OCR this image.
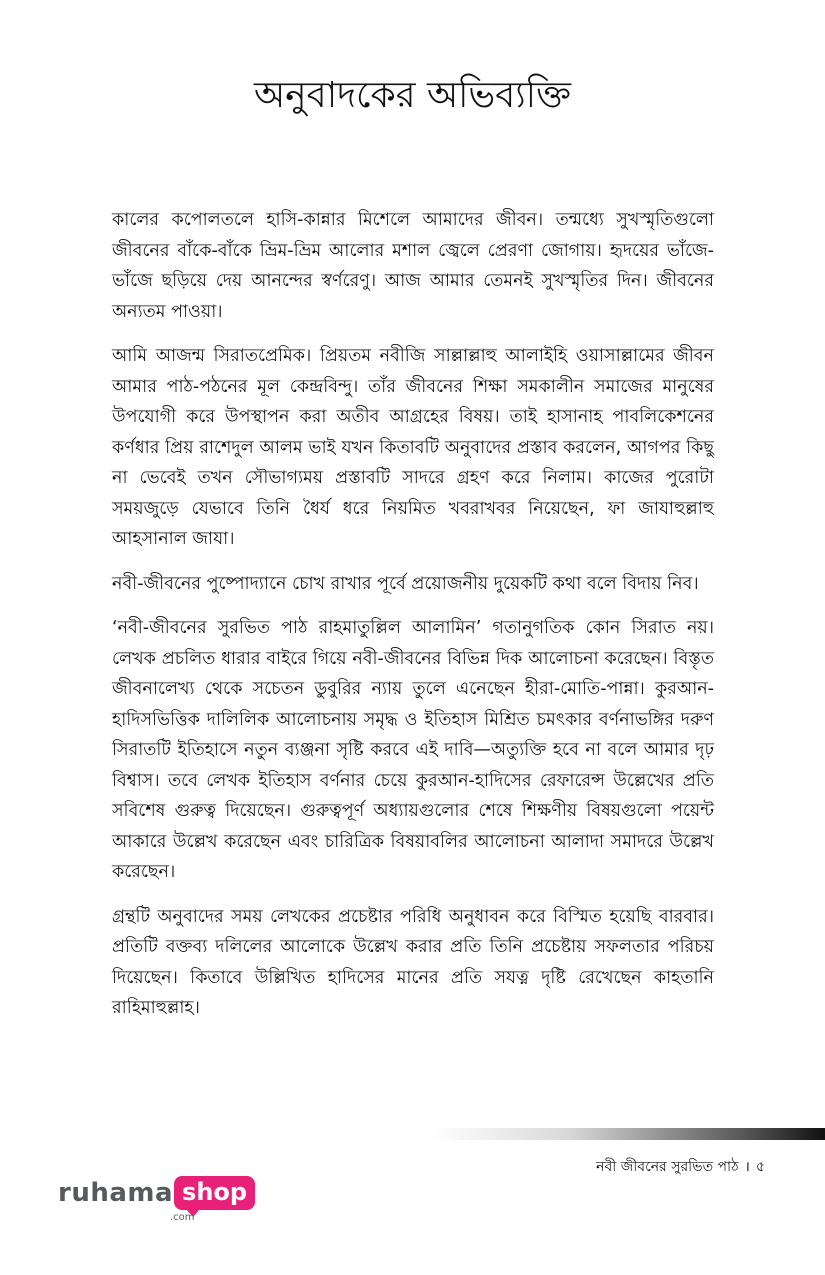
অনুবাদকের অভিব্যক্তি

কালের কপোলতলে হাসি-কান্নার মিশেলে আমাদের জীবন। তন্মধ্যে সুখস্মৃতিগুলো জীবনের বাঁকে-বাঁকে ভ্রিম-ভ্রিম আলোর মশাল জ্বেলে প্রেরণা জোগায়। হৃদয়ের ভাঁজে-ভাঁজে ছড়িয়ে দেয় আনন্দের স্বর্ণরেণু। আজ আমার তেমনই সুখস্মৃতির দিন। জীবনের অন্যতম পাওয়া।

আমি আজন্ম সিরাতপ্রেমিক। প্রিয়তম নবীজি সাল্লাল্লাহু আলাইহি ওয়াসাল্লামের জীবন আমার পাঠ-পঠনের মূল কেন্দ্রবিন্দু। তাঁর জীবনের শিক্ষা সমকালীন সমাজের মানুষের উপযোগী করে উপস্থাপন করা অতীব আগ্রহের বিষয়। তাই হাসানাহ পাবলিকেশনের কর্ণধার প্রিয় রাশেদুল আলম ভাই যখন কিতাবটি অনুবাদের প্রস্তাব করলেন, আগপর কিছু না ভেবেই তখন সৌভাগ্যময় প্রস্তাবটি সাদরে গ্রহণ করে নিলাম। কাজের পুরোটা সময়জুড়ে যেভাবে তিনি ধৈর্য ধরে নিয়মিত খবরাখবর নিয়েছেন, ফা জাযাহুল্লাহু আহসানাল জাযা।

নবী-জীবনের পুষ্পোদ্যানে চোখ রাখার পূর্বে প্রয়োজনীয় দুয়েকটি কথা বলে বিদায় নিব।

‘নবী-জীবনের সুরভিত পাঠ রাহমাতুল্লিল আলামিন’ গতানুগতিক কোন সিরাত নয়। লেখক প্রচলিত ধারার বাইরে গিয়ে নবী-জীবনের বিভিন্ন দিক আলোচনা করেছেন। বিস্তৃত জীবনালেখ্য থেকে সচেতন ডুবুরির ন্যায় তুলে এনেছেন হীরা-মোতি-পান্না। কুরআন-হাদিসভিত্তিক দালিলিক আলোচনায় সমৃদ্ধ ও ইতিহাস মিশ্রিত চমৎকার বর্ণনাভঙ্গির দরুণ সিরাতটি ইতিহাসে নতুন ব্যঞ্জনা সৃষ্টি করবে এই দাবি—অত্যুক্তি হবে না বলে আমার দৃঢ় বিশ্বাস। তবে লেখক ইতিহাস বর্ণনার চেয়ে কুরআন-হাদিসের রেফারেন্স উল্লেখের প্রতি সবিশেষ গুরুত্ব দিয়েছেন। গুরুত্বপূর্ণ অধ্যায়গুলোর শেষে শিক্ষণীয় বিষয়গুলো পয়েন্ট আকারে উল্লেখ করেছেন এবং চারিত্রিক বিষয়াবলির আলোচনা আলাদা সমাদরে উল্লেখ করেছেন।

গ্রন্থটি অনুবাদের সময় লেখকের প্রচেষ্টার পরিধি অনুধাবন করে বিস্মিত হয়েছি বারবার। প্রতিটি বক্তব্য দলিলের আলোকে উল্লেখ করার প্রতি তিনি প্রচেষ্টায় সফলতার পরিচয় দিয়েছেন। কিতাবে উল্লিখিত হাদিসের মানের প্রতি সযত্ন দৃষ্টি রেখেছেন কাহতানি রাহিমাহুল্লাহ।

নবী জীবনের সুরভিত পাঠ । ৫
ruhama shop
.com
